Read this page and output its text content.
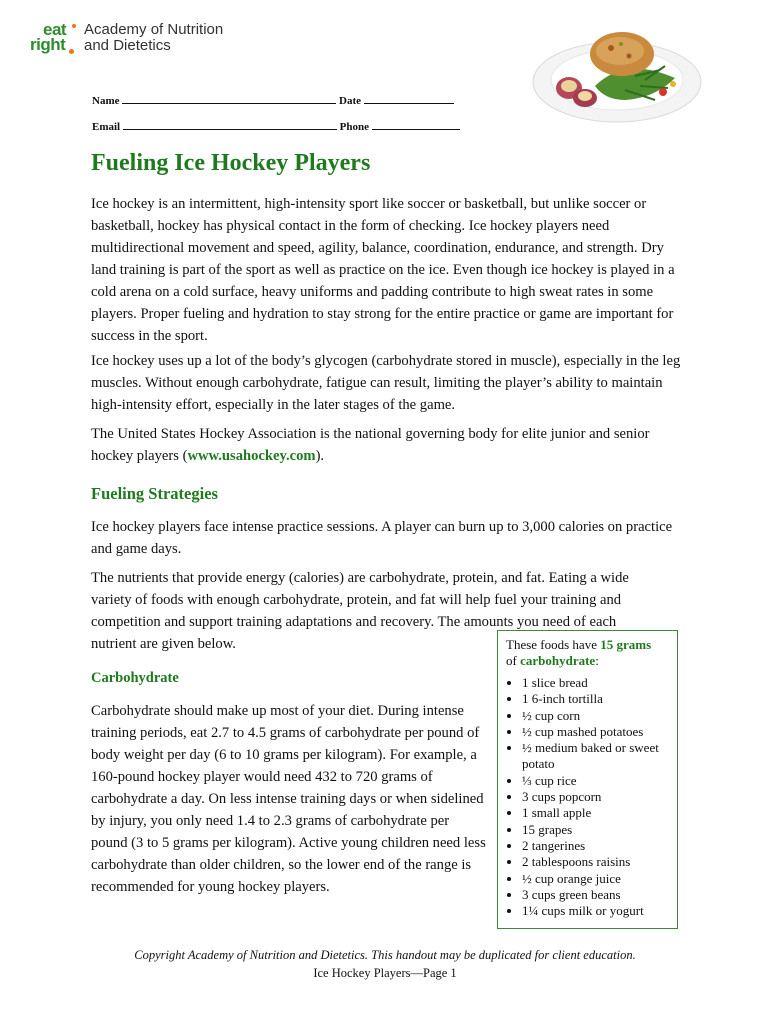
eat
right
Academy of Nutrition
and Dietetics
Name	Date
Email	Phone
Fueling Ice Hockey Players

Ice hockey is an intermittent, high-intensity sport like soccer or basketball, but unlike soccer or basketball, hockey has physical contact in the form of checking. Ice hockey players need multidirectional movement and speed, agility, balance, coordination, endurance, and strength. Dry land training is part of the sport as well as practice on the ice. Even though ice hockey is played in a cold arena on a cold surface, heavy uniforms and padding contribute to high sweat rates in some players. Proper fueling and hydration to stay strong for the entire practice or game are important for success in the sport.

Ice hockey uses up a lot of the body’s glycogen (carbohydrate stored in muscle), especially in the leg muscles. Without enough carbohydrate, fatigue can result, limiting the player’s ability to maintain high-intensity effort, especially in the later stages of the game.

The United States Hockey Association is the national governing body for elite junior and senior hockey players (www.usahockey.com).

Fueling Strategies

Ice hockey players face intense practice sessions. A player can burn up to 3,000 calories on practice and game days.

The nutrients that provide energy (calories) are carbohydrate, protein, and fat. Eating a wide
variety of foods with enough carbohydrate, protein, and fat will help fuel your training and
competition and support training adaptations and recovery. The amounts you need of each
nutrient are given below.

Carbohydrate

Carbohydrate should make up most of your diet. During intense training periods, eat 2.7 to 4.5 grams of carbohydrate per pound of body weight per day (6 to 10 grams per kilogram). For example, a 160-pound hockey player would need 432 to 720 grams of carbohydrate a day. On less intense training days or when sidelined by injury, you only need 1.4 to 2.3 grams of carbohydrate per pound (3 to 5 grams per kilogram). Active young children need less carbohydrate than older children, so the lower end of the range is recommended for young hockey players.

These foods have 15 grams
of carbohydrate:

• 1 slice bread
• 1 6-inch tortilla
• ½ cup corn
• ½ cup mashed potatoes
• ½ medium baked or sweet potato
• ⅓ cup rice
• 3 cups popcorn
• 1 small apple
• 15 grapes
• 2 tangerines
• 2 tablespoons raisins
• ½ cup orange juice
• 3 cups green beans
• 1¼ cups milk or yogurt
Copyright Academy of Nutrition and Dietetics. This handout may be duplicated for client education.
Ice Hockey Players—Page 1
